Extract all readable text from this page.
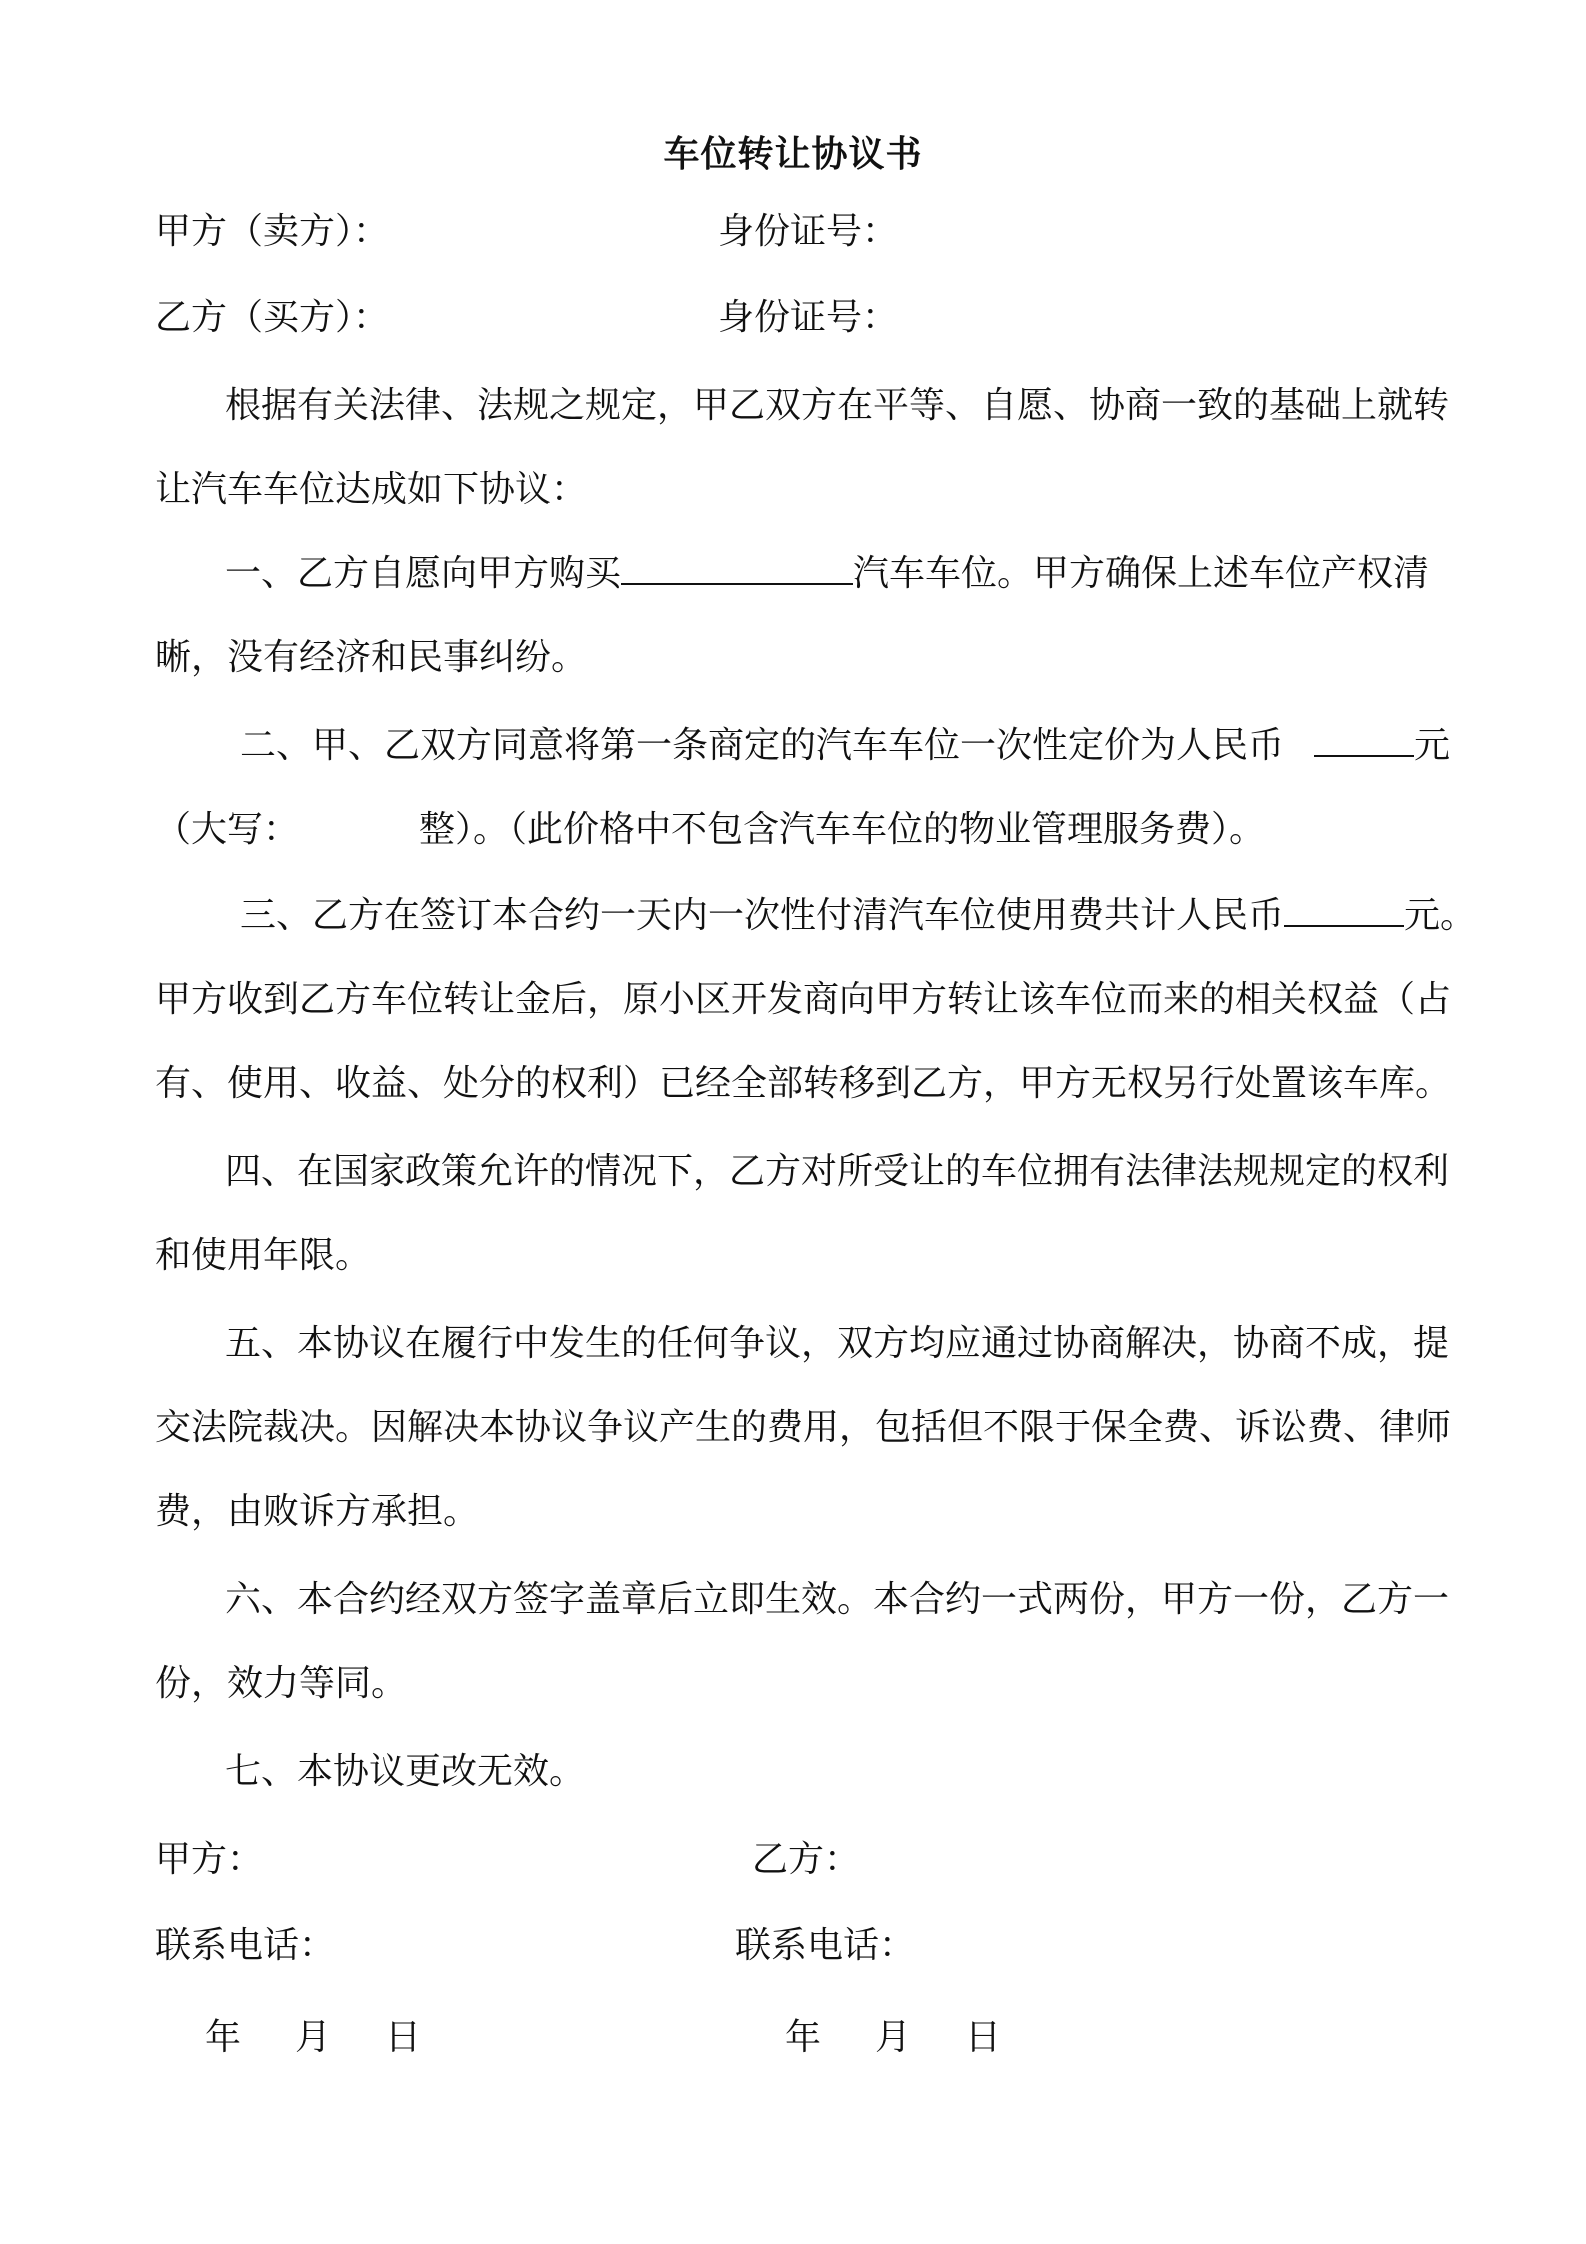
车位转让协议书
甲方（卖方）：	身份证号：
乙方（买方）：	身份证号：
根据有关法律、法规之规定，甲乙双方在平等、自愿、协商一致的基础上就转
让汽车车位达成如下协议：
一、乙方自愿向甲方购买	汽车车位。甲方确保上述车位产权清
晰，没有经济和民事纠纷。
二、甲、乙双方同意将第一条商定的汽车车位一次性定价为人民币	元
（大写：	整）。（此价格中不包含汽车车位的物业管理服务费）。
三、乙方在签订本合约一天内一次性付清汽车位使用费共计人民币	元。
甲方收到乙方车位转让金后，原小区开发商向甲方转让该车位而来的相关权益（占
有、使用、收益、处分的权利）已经全部转移到乙方，甲方无权另行处置该车库。
四、在国家政策允许的情况下，乙方对所受让的车位拥有法律法规规定的权利
和使用年限。
五、本协议在履行中发生的任何争议，双方均应通过协商解决，协商不成，提
交法院裁决。因解决本协议争议产生的费用，包括但不限于保全费、诉讼费、律师
费，由败诉方承担。
六、本合约经双方签字盖章后立即生效。本合约一式两份，甲方一份，乙方一
份，效力等同。
七、本协议更改无效。
甲方：	乙方：
联系电话：	联系电话：
年 月 日	年 月 日
